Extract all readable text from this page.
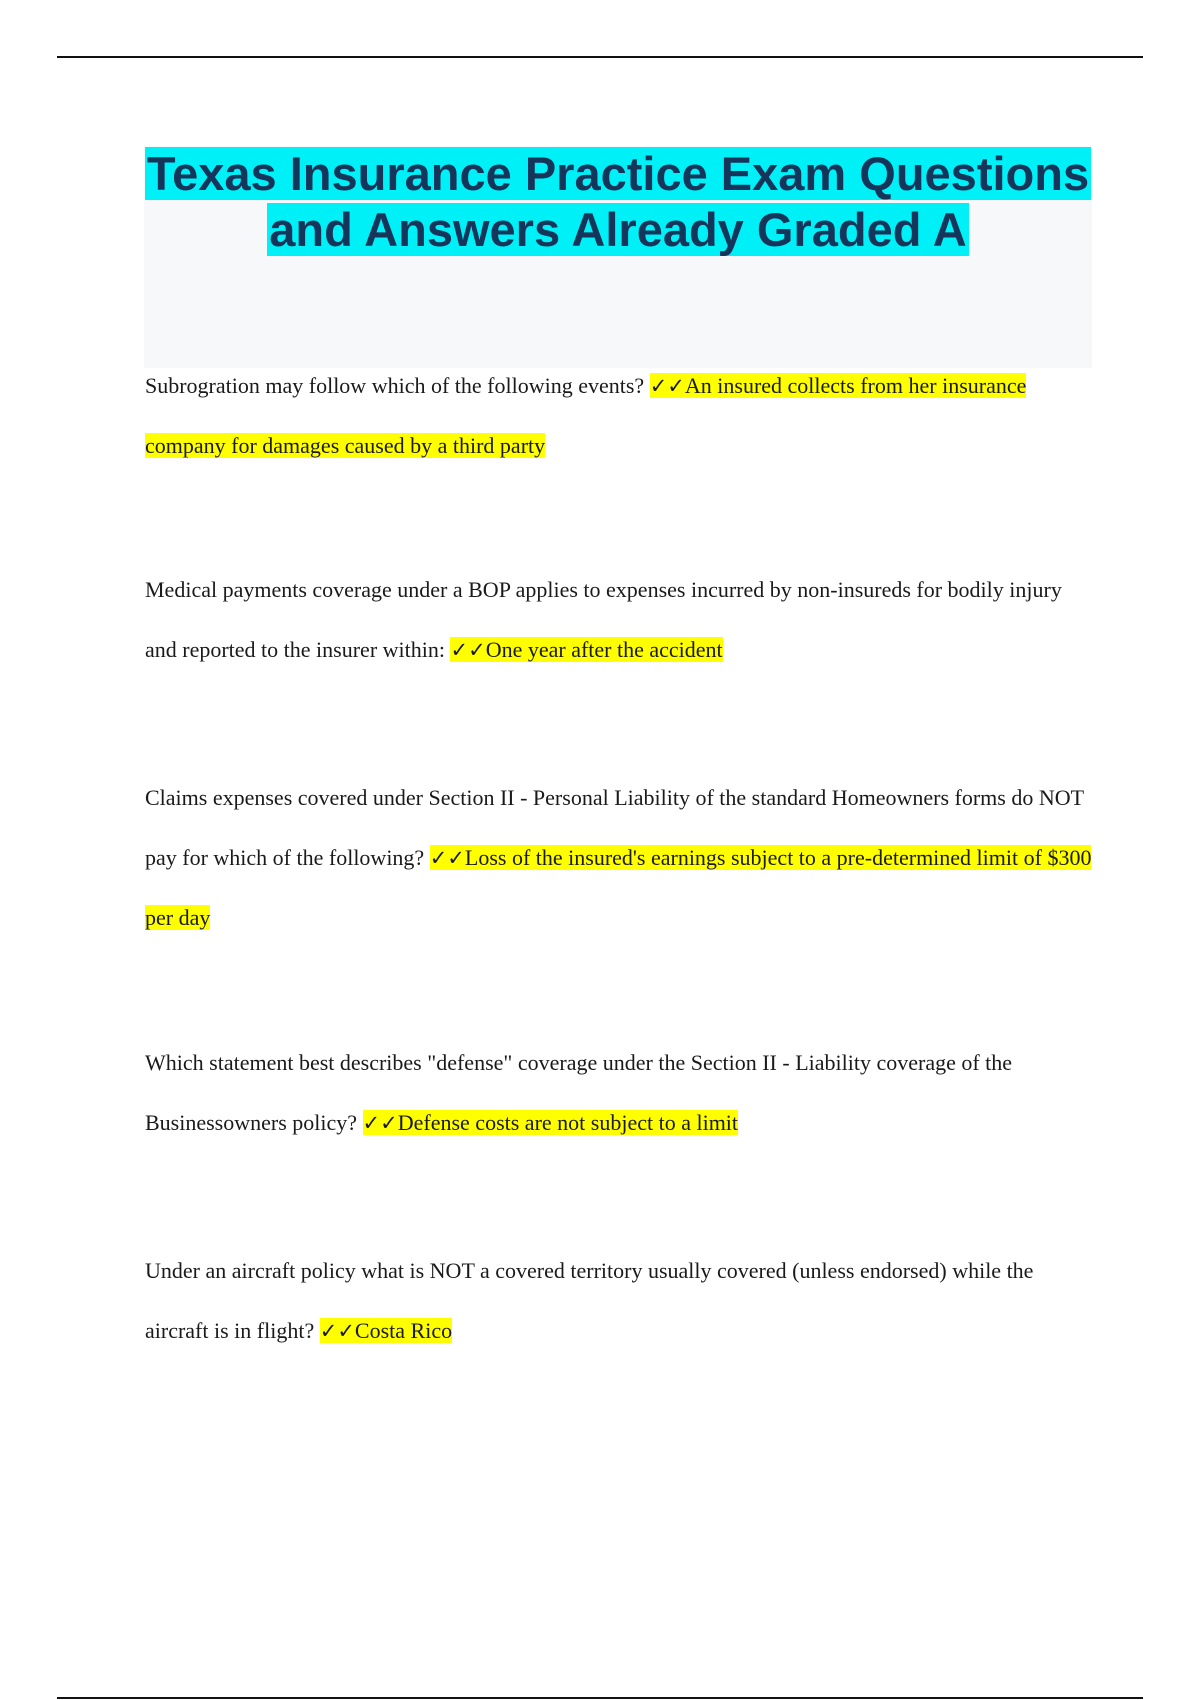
Texas Insurance Practice Exam Questions and Answers Already Graded A

Subrogration may follow which of the following events? ✓✓An insured collects from her insurance company for damages caused by a third party

Medical payments coverage under a BOP applies to expenses incurred by non-insureds for bodily injury and reported to the insurer within: ✓✓One year after the accident

Claims expenses covered under Section II - Personal Liability of the standard Homeowners forms do NOT pay for which of the following? ✓✓Loss of the insured's earnings subject to a pre-determined limit of $300 per day

Which statement best describes "defense" coverage under the Section II - Liability coverage of the Businessowners policy? ✓✓Defense costs are not subject to a limit

Under an aircraft policy what is NOT a covered territory usually covered (unless endorsed) while the aircraft is in flight? ✓✓Costa Rico
